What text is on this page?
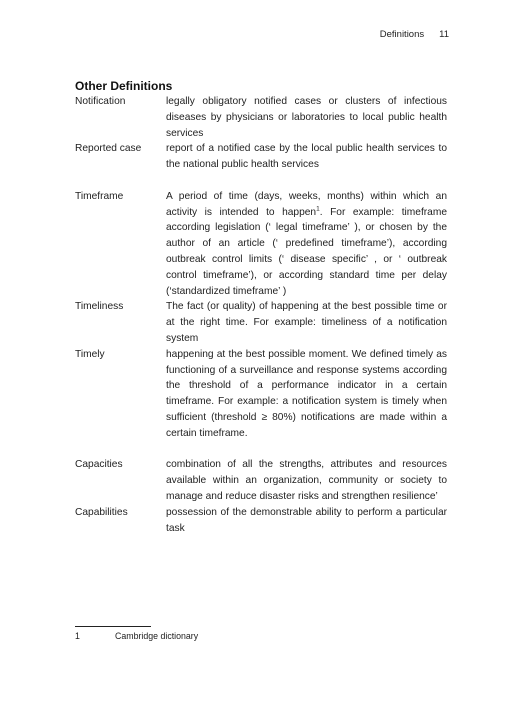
Definitions 11
Other Definitions
Notification	legally obligatory notified cases or clusters of infectious diseases by physicians or laboratories to local public health services
Reported case	report of a notified case by the local public health services to the national public health services
Timeframe	A period of time (days, weeks, months) within which an activity is intended to happen$^1$. For example: timeframe according legislation (‘ legal timeframe’ ), or chosen by the author of an article (‘ predefined timeframe’), according outbreak control limits (‘ disease specific’ , or ‘ outbreak control timeframe’), or according standard time per delay (‘standardized timeframe’ )
Timeliness	The fact (or quality) of happening at the best possible time or at the right time. For example: timeliness of a notification system
Timely	happening at the best possible moment. We defined timely as functioning of a surveillance and response systems according the threshold of a performance indicator in a certain timeframe. For example: a notification system is timely when sufficient (threshold ≥ 80%) notifications are made within a certain timeframe.
Capacities	combination of all the strengths, attributes and resources available within an organization, community or society to manage and reduce disaster risks and strengthen resilience’
Capabilities	possession of the demonstrable ability to perform a particular task
1	Cambridge dictionary
